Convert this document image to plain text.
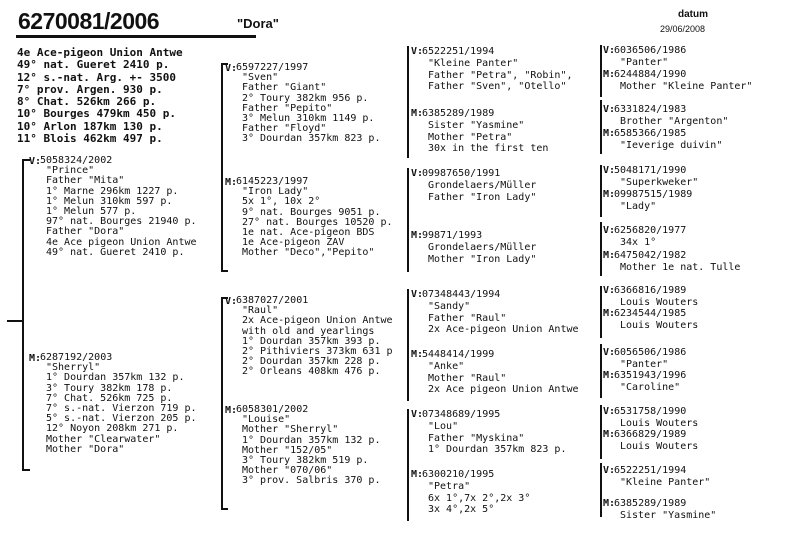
6270081/2006	"Dora"
datum
29/06/2008
4e Ace-pigeon Union Antwe
49° nat. Gueret 2410 p.
12° s.-nat. Arg. +- 3500
7° prov. Argen. 930 p.
8° Chat. 526km 266 p.
10° Bourges 479km 450 p.
10° Arlon 187km 130 p.
11° Blois 462km 497 p.
V:
5058324/2002
"Prince"
Father "Mita"
1° Marne 296km 1227 p.
1° Melun 310km 597 p.
1° Melun 577 p.
97° nat. Bourges 21940 p.
Father "Dora"
4e Ace pigeon Union Antwe
49° nat. Gueret 2410 p.
M:
6287192/2003
"Sherryl"
1° Dourdan 357km 132 p.
3° Toury 382km 178 p.
7° Chat. 526km 725 p.
7° s.-nat. Vierzon 719 p.
5° s.-nat. Vierzon 205 p.
12° Noyon 208km 271 p.
Mother "Clearwater"
Mother "Dora"
V:
6597227/1997
"Sven"
Father "Giant"
2° Toury 382km 956 p.
Father "Pepito"
3° Melun 310km 1149 p.
Father "Floyd"
3° Dourdan 357km 823 p.
M:
6145223/1997
"Iron Lady"
5x 1°, 10x 2°
9° nat. Bourges 9051 p.
27° nat. Bourges 10520 p.
1e nat. Ace-pigeon BDS
1e Ace-pigeon ZAV
Mother "Deco","Pepito"
V:
6387027/2001
"Raul"
2x Ace-pigeon Union Antwe
with old and yearlings
1° Dourdan 357km 393 p.
2° Pithiviers 373km 631 p
2° Dourdan 357km 228 p.
2° Orleans 408km 476 p.
M:
6058301/2002
"Louise"
Mother "Sherryl"
1° Dourdan 357km 132 p.
Mother "152/05"
3° Toury 382km 519 p.
Mother "070/06"
3° prov. Salbris 370 p.
V:
6522251/1994
"Kleine Panter"
Father "Petra", "Robin",
Father "Sven", "Otello"
M:
6385289/1989
Sister "Yasmine"
Mother "Petra"
30x in the first ten
V:
09987650/1991
Grondelaers/Müller
Father "Iron Lady"
M:
99871/1993
Grondelaers/Müller
Mother "Iron Lady"
V:
07348443/1994
"Sandy"
Father "Raul"
2x Ace-pigeon Union Antwe
M:
5448414/1999
"Anke"
Mother "Raul"
2x Ace pigeon Union Antwe
V:
07348689/1995
"Lou"
Father "Myskina"
1° Dourdan 357km 823 p.
M:
6300210/1995
"Petra"
6x 1°,7x 2°,2x 3°
3x 4°,2x 5°
V:
6036506/1986
"Panter"
M:
6244884/1990
Mother "Kleine Panter"
V:
6331824/1983
Brother "Argenton"
M:
6585366/1985
"Ieverige duivin"
V:
5048171/1990
"Superkweker"
M:
09987515/1989
"Lady"
V:
6256820/1977
34x 1°
M:
6475042/1982
Mother 1e nat. Tulle
V:
6366816/1989
Louis Wouters
M:
6234544/1985
Louis Wouters
V:
6056506/1986
"Panter"
M:
6351943/1996
"Caroline"
V:
6531758/1990
Louis Wouters
M:
6366829/1989
Louis Wouters
V:
6522251/1994
"Kleine Panter"
M:
6385289/1989
Sister "Yasmine"
